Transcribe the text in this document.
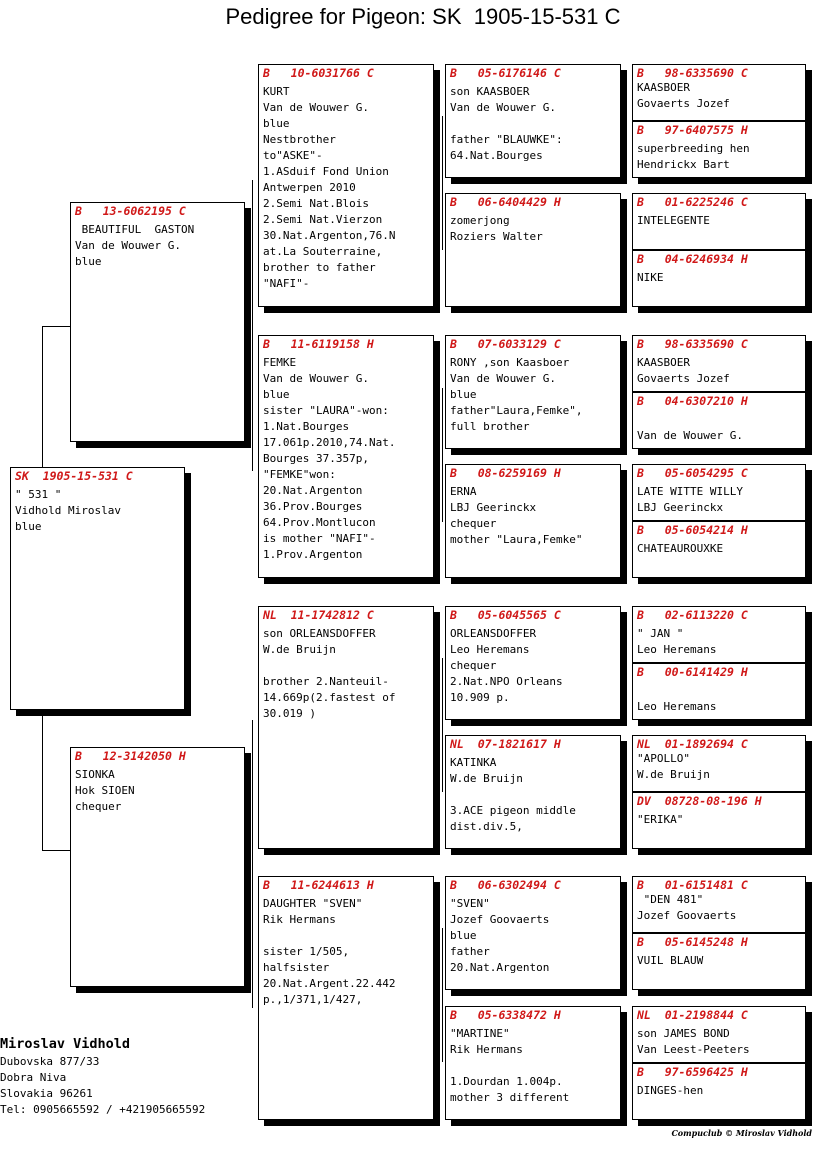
Pedigree for Pigeon: SK  1905-15-531 C
B   98-6335690 C
KAASBOER
Govaerts Jozef
B   97-6407575 H
superbreeding hen
Hendrickx Bart
B   01-6225246 C
INTELEGENTE
B   04-6246934 H
NIKE
B   98-6335690 C
KAASBOER
Govaerts Jozef
B   04-6307210 H

Van de Wouwer G.
B   05-6054295 C
LATE WITTE WILLY
LBJ Geerinckx
B   05-6054214 H
CHATEAUROUXKE
B   02-6113220 C
" JAN "
Leo Heremans
B   00-6141429 H

Leo Heremans
NL  01-1892694 C
"APOLLO"
W.de Bruijn
DV  08728-08-196 H
"ERIKA"
B   01-6151481 C
"DEN 481"
Jozef Goovaerts
B   05-6145248 H
VUIL BLAUW
NL  01-2198844 C
son JAMES BOND
Van Leest-Peeters
B   97-6596425 H
DINGES-hen
B   05-6176146 C
son KAASBOER
Van de Wouwer G.

father "BLAUWKE":
64.Nat.Bourges
B   06-6404429 H
zomerjong
Roziers Walter
B   07-6033129 C
RONY ,son Kaasboer
Van de Wouwer G.
blue
father"Laura,Femke",
full brother
B   08-6259169 H
ERNA
LBJ Geerinckx
chequer
mother "Laura,Femke"
B   05-6045565 C
ORLEANSDOFFER
Leo Heremans
chequer
2.Nat.NPO Orleans
10.909 p.
NL  07-1821617 H
KATINKA
W.de Bruijn

3.ACE pigeon middle
dist.div.5,
B   06-6302494 C
"SVEN"
Jozef Goovaerts
blue
father
20.Nat.Argenton
B   05-6338472 H
"MARTINE"
Rik Hermans

1.Dourdan 1.004p.
mother 3 different
B   10-6031766 C
KURT
Van de Wouwer G.
blue
Nestbrother
to"ASKE"-
1.ASduif Fond Union
Antwerpen 2010
2.Semi Nat.Blois
2.Semi Nat.Vierzon
30.Nat.Argenton,76.N
at.La Souterraine,
brother to father
"NAFI"-
B   11-6119158 H
FEMKE
Van de Wouwer G.
blue
sister "LAURA"-won:
1.Nat.Bourges
17.061p.2010,74.Nat.
Bourges 37.357p,
"FEMKE"won:
20.Nat.Argenton
36.Prov.Bourges
64.Prov.Montlucon
is mother "NAFI"-
1.Prov.Argenton
NL  11-1742812 C
son ORLEANSDOFFER
W.de Bruijn

brother 2.Nanteuil-
14.669p(2.fastest of
30.019 )
B   11-6244613 H
DAUGHTER "SVEN"
Rik Hermans

sister 1/505,
halfsister
20.Nat.Argent.22.442
p.,1/371,1/427,
B   13-6062195 C
BEAUTIFUL  GASTON
Van de Wouwer G.
blue
B   12-3142050 H
SIONKA
Hok SIOEN
chequer
SK  1905-15-531 C
" 531 "
Vidhold Miroslav
blue
Miroslav Vidhold
Dubovska 877/33
Dobra Niva
Slovakia 96261
Tel: 0905665592 / +421905665592
Compuclub © Miroslav Vidhold
